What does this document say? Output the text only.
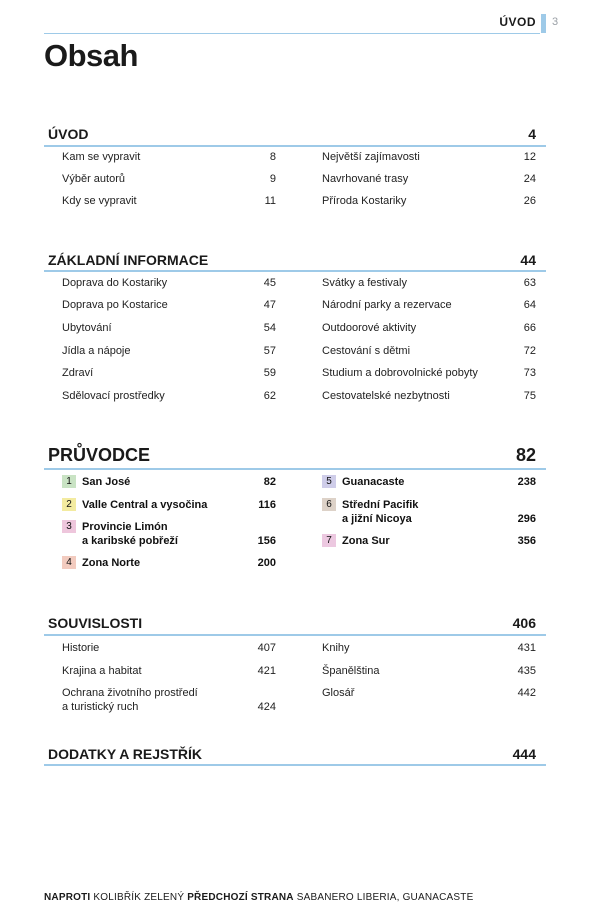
ÚVOD 3
Obsah
ÚVOD	4
Kam se vypravit	8
Výběr autorů	9
Kdy se vypravit	11
Největší zajímavosti	12
Navrhované trasy	24
Příroda Kostariky	26
ZÁKLADNÍ INFORMACE	44
Doprava do Kostariky	45
Doprava po Kostarice	47
Ubytování	54
Jídla a nápoje	57
Zdraví	59
Sdělovací prostředky	62
Svátky a festivaly	63
Národní parky a rezervace	64
Outdoorové aktivity	66
Cestování s dětmi	72
Studium a dobrovolnické pobyty	73
Cestovatelské nezbytnosti	75
PRŮVODCE	82
1 San José	82
2 Valle Central a vysočina	116
3 Provincie Limón
a karibské pobřeží	156
4 Zona Norte	200
5 Guanacaste	238
6 Střední Pacifik
a jižní Nicoya	296
7 Zona Sur	356
SOUVISLOSTI	406
Historie	407
Krajina a habitat	421
Ochrana životního prostředí
a turistický ruch	424
Knihy	431
Španělština	435
Glosář	442
DODATKY A REJSTŘÍK	444
NAPROTI KOLIBŘÍK ZELENÝ PŘEDCHOZÍ STRANA SABANERO LIBERIA, GUANACASTE
